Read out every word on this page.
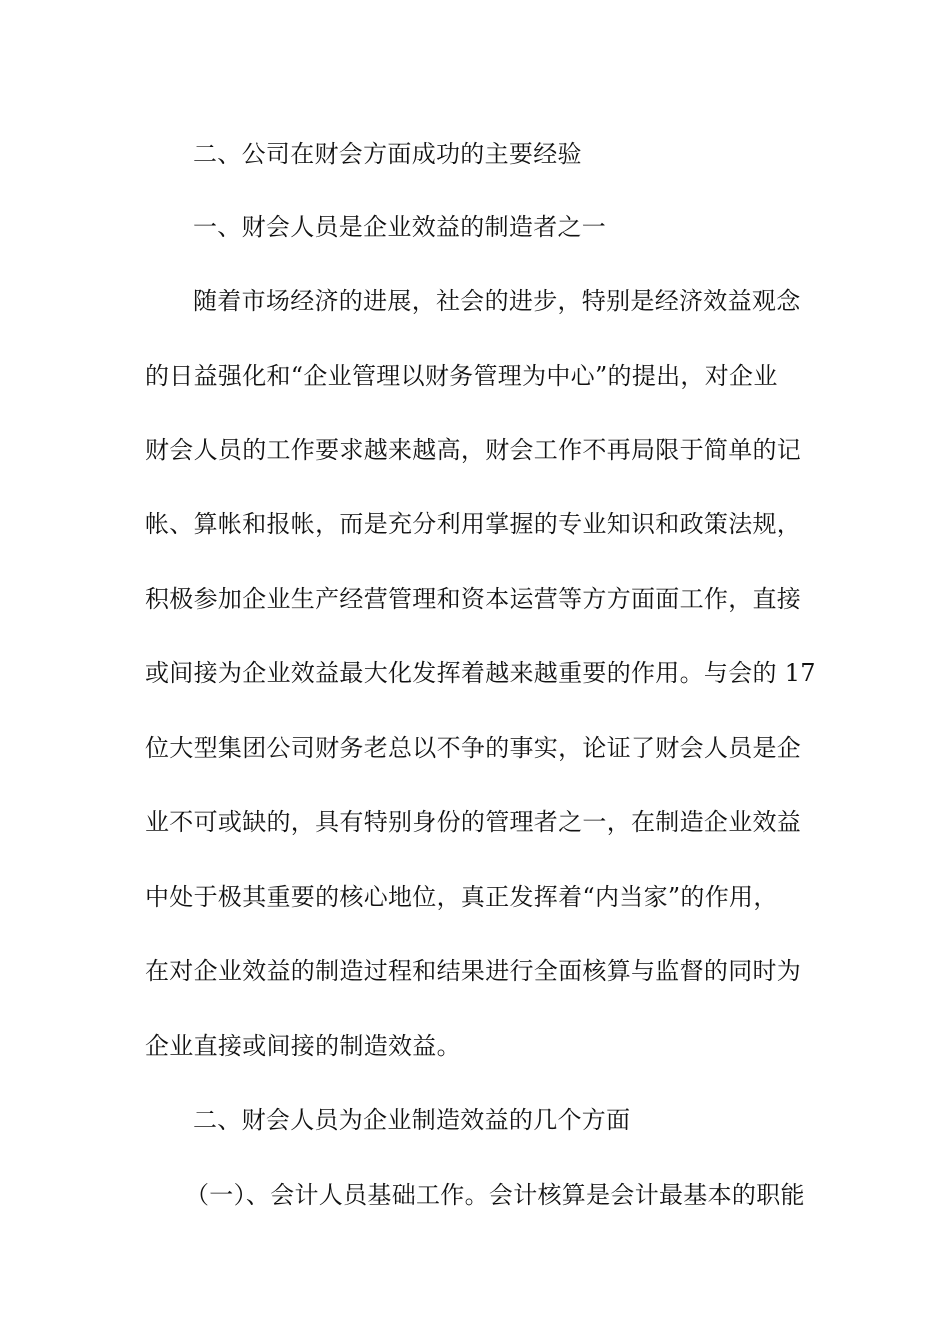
二、公司在财会方面成功的主要经验
一、财会人员是企业效益的制造者之一
随着市场经济的进展，社会的进步，特别是经济效益观念
的日益强化和“企业管理以财务管理为中心”的提出，对企业
财会人员的工作要求越来越高，财会工作不再局限于简单的记
帐、算帐和报帐，而是充分利用掌握的专业知识和政策法规，
积极参加企业生产经营管理和资本运营等方方面面工作，直接
或间接为企业效益最大化发挥着越来越重要的作用。与会的 17
位大型集团公司财务老总以不争的事实，论证了财会人员是企
业不可或缺的，具有特别身份的管理者之一，在制造企业效益
中处于极其重要的核心地位，真正发挥着“内当家”的作用，
在对企业效益的制造过程和结果进行全面核算与监督的同时为
企业直接或间接的制造效益。
二、财会人员为企业制造效益的几个方面
（一）、会计人员基础工作。会计核算是会计最基本的职能
